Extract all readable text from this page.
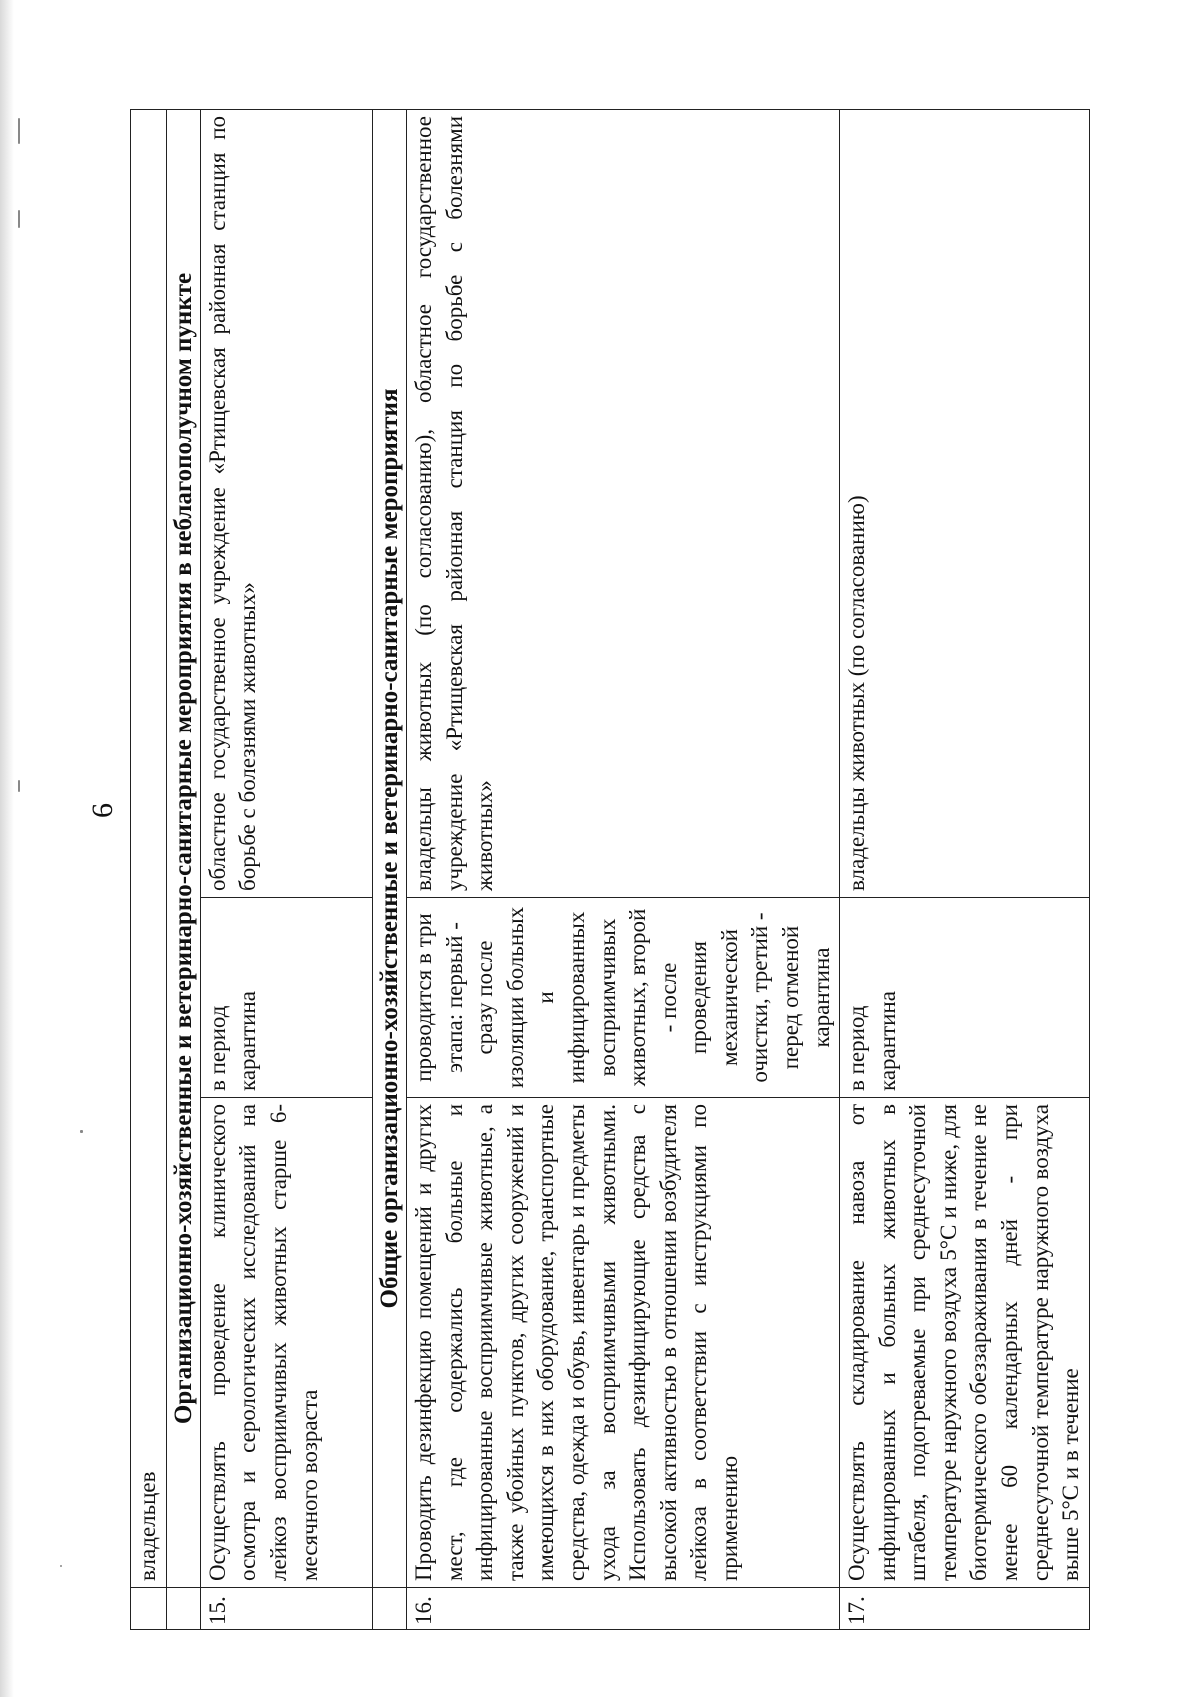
6
	владельцев		
	Организационно-хозяйственные и ветеринарно-санитарные мероприятия в неблагополучном пункте		
15.	Осуществлять проведение клинического осмотра и серологических исследований на лейкоз восприимчивых животных старше 6-месячного возраста	в период карантина	областное государственное учреждение «Ртищевская районная станция по борьбе с болезнями животных»
	Общие организационно-хозяйственные и ветеринарно-санитарные мероприятия		
16.	Проводить дезинфекцию помещений и других мест, где содержались больные и инфицированные восприимчивые животные, а также убойных пунктов, других сооружений и имеющихся в них оборудование, транспортные средства, одежда и обувь, инвентарь и предметы ухода за восприимчивыми животными. Использовать дезинфицирующие средства с высокой активностью в отношении возбудителя лейкоза в соответствии с инструкциями по применению	проводится в три этапа: первый - сразу после изоляции больных и инфицированных восприимчивых животных, второй - после проведения механической очистки, третий - перед отменой карантина	владельцы животных (по согласованию), областное государственное учреждение «Ртищевская районная станция по борьбе с болезнями животных»
17.	Осуществлять складирование навоза от инфицированных и больных животных в штабеля, подогреваемые при среднесуточной температуре наружного воздуха 5°С и ниже, для биотермического обеззараживания в течение не менее 60 календарных дней - при среднесуточной температуре наружного воздуха выше 5°С и в течение	в период карантина	владельцы животных (по согласованию)
